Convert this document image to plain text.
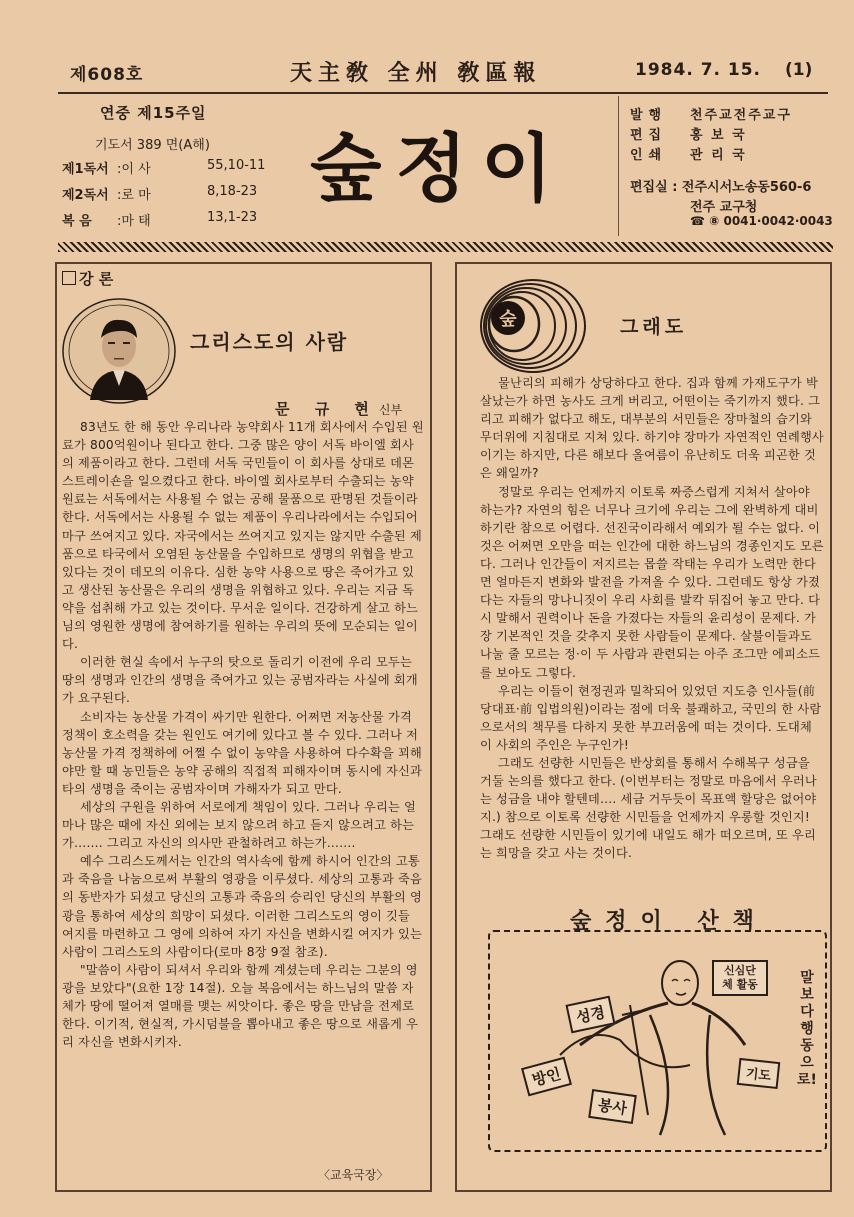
제608호	天主敎 全州 敎區報	1984. 7. 15. (1)
연중 제15주일
기도서 389 면(A해)
제1독서 :이 사	55,10-11
제2독서 :로 마	8,18-23
복 음 :마 태	13,1-23
숲정이
발행 천주교전주교구
편집 홍 보 국
인쇄 관 리 국
편집실 : 전주시서노송동560-6
전주 교구청
☎ ⑧ 0041·0042·0043
강 론
그리스도의 사람
문 규 현신부

83년도 한 해 동안 우리나라 농약회사 11개 회사에서 수입된 원료가 800억원이나 된다고 한다. 그중 많은 양이 서독 바이엘 회사의 제품이라고 한다. 그런데 서독 국민들이 이 회사를 상대로 데몬스트레이숀을 일으켰다고 한다. 바이엘 회사로부터 수출되는 농약원료는 서독에서는 사용될 수 없는 공해 물품으로 판명된 것들이라 한다. 서독에서는 사용될 수 없는 제품이 우리나라에서는 수입되어 마구 쓰여지고 있다. 자국에서는 쓰여지고 있지는 않지만 수출된 제품으로 타국에서 오염된 농산물을 수입하므로 생명의 위협을 받고 있다는 것이 데모의 이유다. 심한 농약 사용으로 땅은 죽어가고 있고 생산된 농산물은 우리의 생명을 위협하고 있다. 우리는 지금 독약을 섭취해 가고 있는 것이다. 무서운 일이다. 건강하게 살고 하느님의 영원한 생명에 참여하기를 원하는 우리의 뜻에 모순되는 일이다.

이러한 현실 속에서 누구의 탓으로 돌리기 이전에 우리 모두는 땅의 생명과 인간의 생명을 죽여가고 있는 공범자라는 사실에 회개가 요구된다.

소비자는 농산물 가격이 싸기만 원한다. 어쩌면 저농산물 가격 정책이 호소력을 갖는 원인도 여기에 있다고 볼 수 있다. 그러나 저농산물 가격 정책하에 어쩔 수 없이 농약을 사용하여 다수확을 꾀해야만 할 때 농민들은 농약 공해의 직접적 피해자이며 동시에 자신과 타의 생명을 죽이는 공범자이며 가해자가 되고 만다.

세상의 구원을 위하여 서로에게 책임이 있다. 그러나 우리는 얼마나 많은 때에 자신 외에는 보지 않으려 하고 듣지 않으려고 하는가……. 그리고 자신의 의사만 관철하려고 하는가…….

예수 그리스도께서는 인간의 역사속에 함께 하시어 인간의 고통과 죽음을 나눔으로써 부활의 영광을 이루셨다. 세상의 고통과 죽음의 동반자가 되셨고 당신의 고통과 죽음의 승리인 당신의 부활의 영광을 통하여 세상의 희망이 되셨다. 이러한 그리스도의 영이 깃들 여지를 마련하고 그 영에 의하여 자기 자신을 변화시킬 여지가 있는 사람이 그리스도의 사람이다(로마 8장 9절 참조).

"말씀이 사람이 되셔서 우리와 함께 계셨는데 우리는 그분의 영광을 보았다"(요한 1장 14절). 오늘 복음에서는 하느님의 말씀 자체가 땅에 떨어져 열매를 맺는 씨앗이다. 좋은 땅을 만남을 전제로 한다. 이기적, 현실적, 가시덤불을 뽑아내고 좋은 땅으로 새롭게 우리 자신을 변화시키자.

〈교육국장〉
숲	그래도

물난리의 피해가 상당하다고 한다. 집과 함께 가재도구가 박살났는가 하면 농사도 크게 버리고, 어떤이는 죽기까지 했다. 그리고 피해가 없다고 해도, 대부분의 서민들은 장마철의 습기와 무더위에 지침대로 지쳐 있다. 하기야 장마가 자연적인 연례행사이기는 하지만, 다른 해보다 올여름이 유난히도 더욱 피곤한 것은 왜일까?

정말로 우리는 언제까지 이토록 짜증스럽게 지쳐서 살아야 하는가? 자연의 힘은 너무나 크기에 우리는 그에 완벽하게 대비하기란 참으로 어렵다. 선진국이라해서 예외가 될 수는 없다. 이것은 어쩌면 오만을 떠는 인간에 대한 하느님의 경종인지도 모른다. 그러나 인간들이 저지르는 몹쓸 작태는 우리가 노력만 한다면 얼마든지 변화와 발전을 가져올 수 있다. 그런데도 항상 가졌다는 자들의 망나니짓이 우리 사회를 발칵 뒤집어 놓고 만다. 다시 말해서 권력이나 돈을 가졌다는 자들의 윤리성이 문제다. 가장 기본적인 것을 갖추지 못한 사람들이 문제다. 살불이들과도 나눌 줄 모르는 정·이 두 사람과 관련되는 아주 조그만 에피소드를 보아도 그렇다.

우리는 이들이 현정권과 밀착되어 있었던 지도층 인사들(前 당대표·前 입법의원)이라는 점에 더욱 불쾌하고, 국민의 한 사람으로서의 책무를 다하지 못한 부끄러움에 떠는 것이다. 도대체 이 사회의 주인은 누구인가!

그래도 선량한 시민들은 반상회를 통해서 수해복구 성금을 거둘 논의를 했다고 한다. (이번부터는 정말로 마음에서 우러나는 성금을 내야 할텐데…. 세금 거두듯이 목표액 할당은 없어야지.) 참으로 이토록 선량한 시민들을 언제까지 우롱할 것인지! 그래도 선량한 시민들이 있기에 내일도 해가 떠오르며, 또 우리는 희망을 갖고 사는 것이다.

숲정이 산책
성경
방인
봉사
기도
신심단체 활동	말보다 행동으로!
